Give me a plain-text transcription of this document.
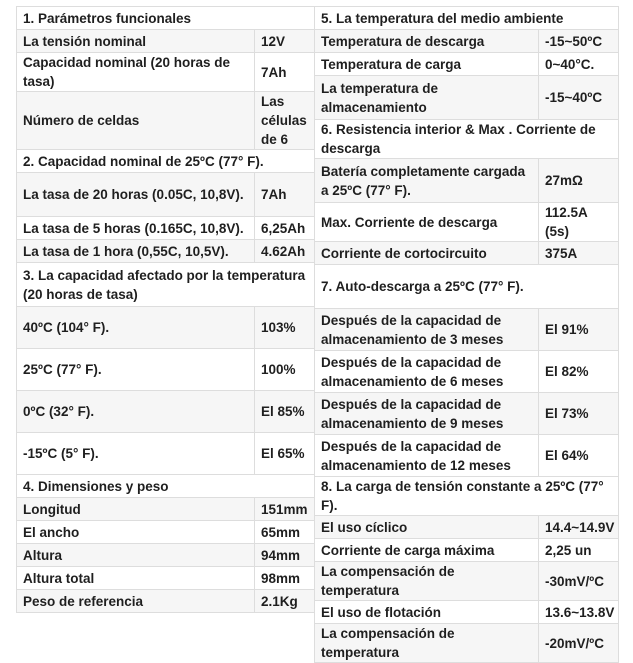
1. Parámetros funcionales	
La tensión nominal	12V
Capacidad nominal (20 horas de tasa)	7Ah
Número de celdas	Las células de 6
2. Capacidad nominal de 25ºC (77° F).	
La tasa de 20 horas (0.05C, 10,8V).	7Ah
La tasa de 5 horas (0.165C, 10,8V).	6,25Ah
La tasa de 1 hora (0,55C, 10,5V).	4.62Ah
3. La capacidad afectado por la temperatura (20 horas de tasa)	
40ºC (104° F).	103%
25ºC (77° F).	100%
0ºC (32° F).	El 85%
-15ºC (5° F).	El 65%
4. Dimensiones y peso	
Longitud	151mm
El ancho	65mm
Altura	94mm
Altura total	98mm
Peso de referencia	2.1Kg
5. La temperatura del medio ambiente	
Temperatura de descarga	-15~50ºC
Temperatura de carga	0~40°C.
La temperatura de almacenamiento	-15~40ºC
6. Resistencia interior & Max . Corriente de descarga	
Batería completamente cargada a 25ºC (77° F).	27mΩ
Max. Corriente de descarga	112.5A (5s)
Corriente de cortocircuito	375A
7. Auto-descarga a 25ºC (77° F).	
Después de la capacidad de almacenamiento de 3 meses	El 91%
Después de la capacidad de almacenamiento de 6 meses	El 82%
Después de la capacidad de almacenamiento de 9 meses	El 73%
Después de la capacidad de almacenamiento de 12 meses	El 64%
8. La carga de tensión constante a 25ºC (77° F).	
El uso cíclico	14.4~14.9V
Corriente de carga máxima	2,25 un
La compensación de temperatura	-30mV/ºC
El uso de flotación	13.6~13.8V
La compensación de temperatura	-20mV/ºC
